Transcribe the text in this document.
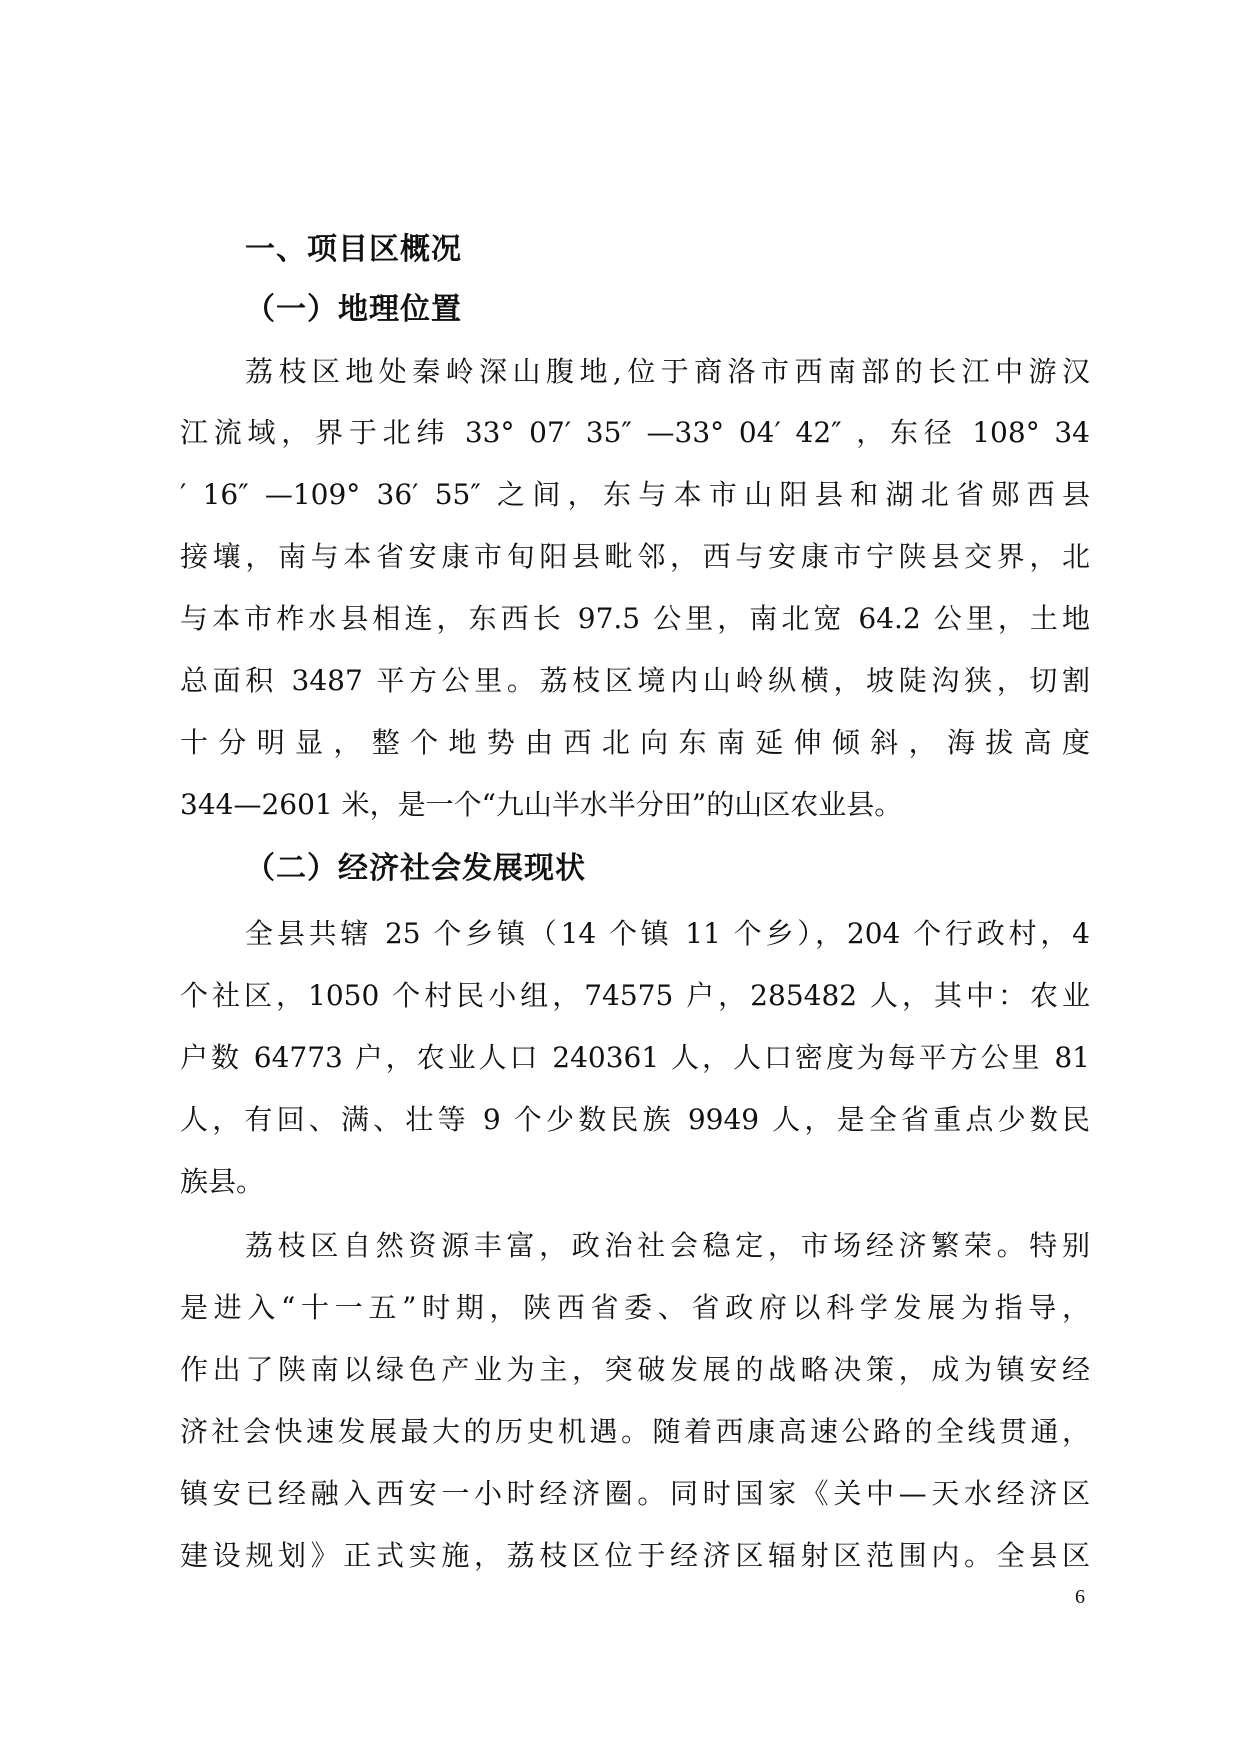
一、项目区概况
（一）地理位置
荔枝区地处秦岭深山腹地,位于商洛市西南部的长江中游汉
江流域，界于北纬 33° 07′ 35″ —33° 04′ 42″ ，东径 108° 34
′ 16″ —109° 36′ 55″ 之间，东与本市山阳县和湖北省郧西县
接壤，南与本省安康市旬阳县毗邻，西与安康市宁陕县交界，北
与本市柞水县相连，东西长 97.5 公里，南北宽 64.2 公里，土地
总面积 3487 平方公里。荔枝区境内山岭纵横，坡陡沟狭，切割
十分明显，整个地势由西北向东南延伸倾斜，海拔高度
344—2601 米，是一个“九山半水半分田”的山区农业县。
（二）经济社会发展现状
全县共辖 25 个乡镇（14 个镇 11 个乡），204 个行政村，4
个社区，1050 个村民小组，74575 户，285482 人，其中：农业
户数 64773 户，农业人口 240361 人，人口密度为每平方公里 81
人，有回、满、壮等 9 个少数民族 9949 人，是全省重点少数民
族县。
荔枝区自然资源丰富，政治社会稳定，市场经济繁荣。特别
是进入“十一五”时期，陕西省委、省政府以科学发展为指导，
作出了陕南以绿色产业为主，突破发展的战略决策，成为镇安经
济社会快速发展最大的历史机遇。随着西康高速公路的全线贯通，
镇安已经融入西安一小时经济圈。同时国家《关中—天水经济区
建设规划》正式实施，荔枝区位于经济区辐射区范围内。全县区
6
